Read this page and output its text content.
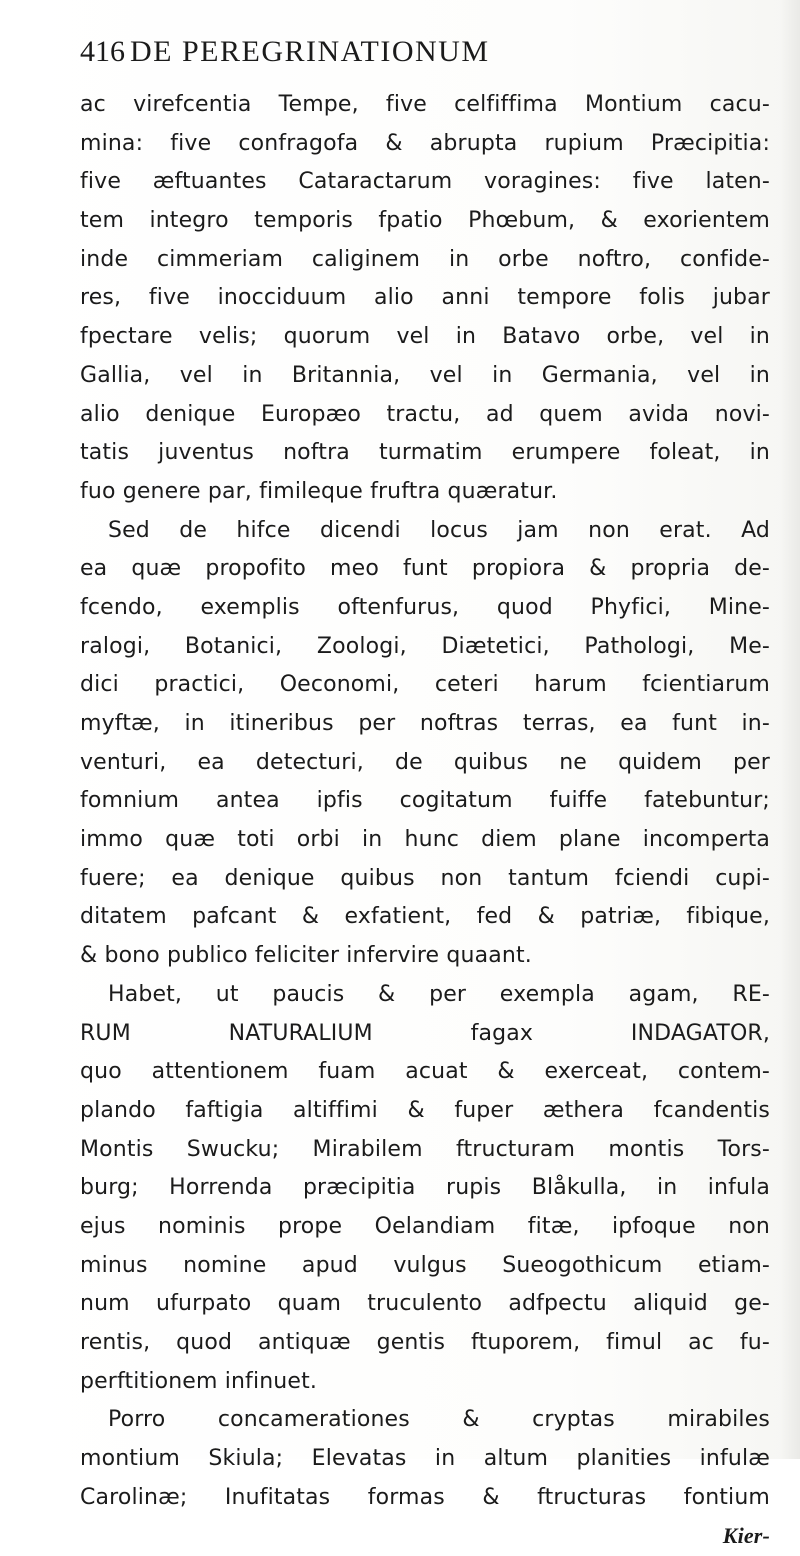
416 DE PEREGRINATIONUM
ac virefcentia Tempe, five celfiffima Montium cacu-
mina: five confragofa & abrupta rupium Præcipitia:
five æftuantes Cataractarum voragines: five laten-
tem integro temporis fpatio Phœbum, & exorientem
inde cimmeriam caliginem in orbe noftro, confide-
res, five inocciduum alio anni tempore folis jubar
fpectare velis; quorum vel in Batavo orbe, vel in
Gallia, vel in Britannia, vel in Germania, vel in
alio denique Europæo tractu, ad quem avida novi-
tatis juventus noftra turmatim erumpere foleat, in
fuo genere par, fimileque fruftra quæratur.
Sed de hifce dicendi locus jam non erat. Ad
ea quæ propofito meo funt propiora & propria de-
fcendo, exemplis oftenfurus, quod Phyfici, Mine-
ralogi, Botanici, Zoologi, Diætetici, Pathologi, Me-
dici practici, Oeconomi, ceteri harum fcientiarum
myftæ, in itineribus per noftras terras, ea funt in-
venturi, ea detecturi, de quibus ne quidem per
fomnium antea ipfis cogitatum fuiffe fatebuntur;
immo quæ toti orbi in hunc diem plane incomperta
fuere; ea denique quibus non tantum fciendi cupi-
ditatem pafcant & exfatient, fed & patriæ, fibique,
& bono publico feliciter infervire quaant.
Habet, ut paucis & per exempla agam, RE-
RUM NATURALIUM fagax INDAGATOR,
quo attentionem fuam acuat & exerceat, contem-
plando faftigia altiffimi & fuper æthera fcandentis
Montis Swucku; Mirabilem ftructuram montis Tors-
burg; Horrenda præcipitia rupis Blåkulla, in infula
ejus nominis prope Oelandiam fitæ, ipfoque non
minus nomine apud vulgus Sueogothicum etiam-
num ufurpato quam truculento adfpectu aliquid ge-
rentis, quod antiquæ gentis ftuporem, fimul ac fu-
perftitionem infinuet.
Porro concamerationes & cryptas mirabiles
montium Skiula; Elevatas in altum planities infulæ
Carolinæ; Inufitatas formas & ftructuras fontium
Kier-
